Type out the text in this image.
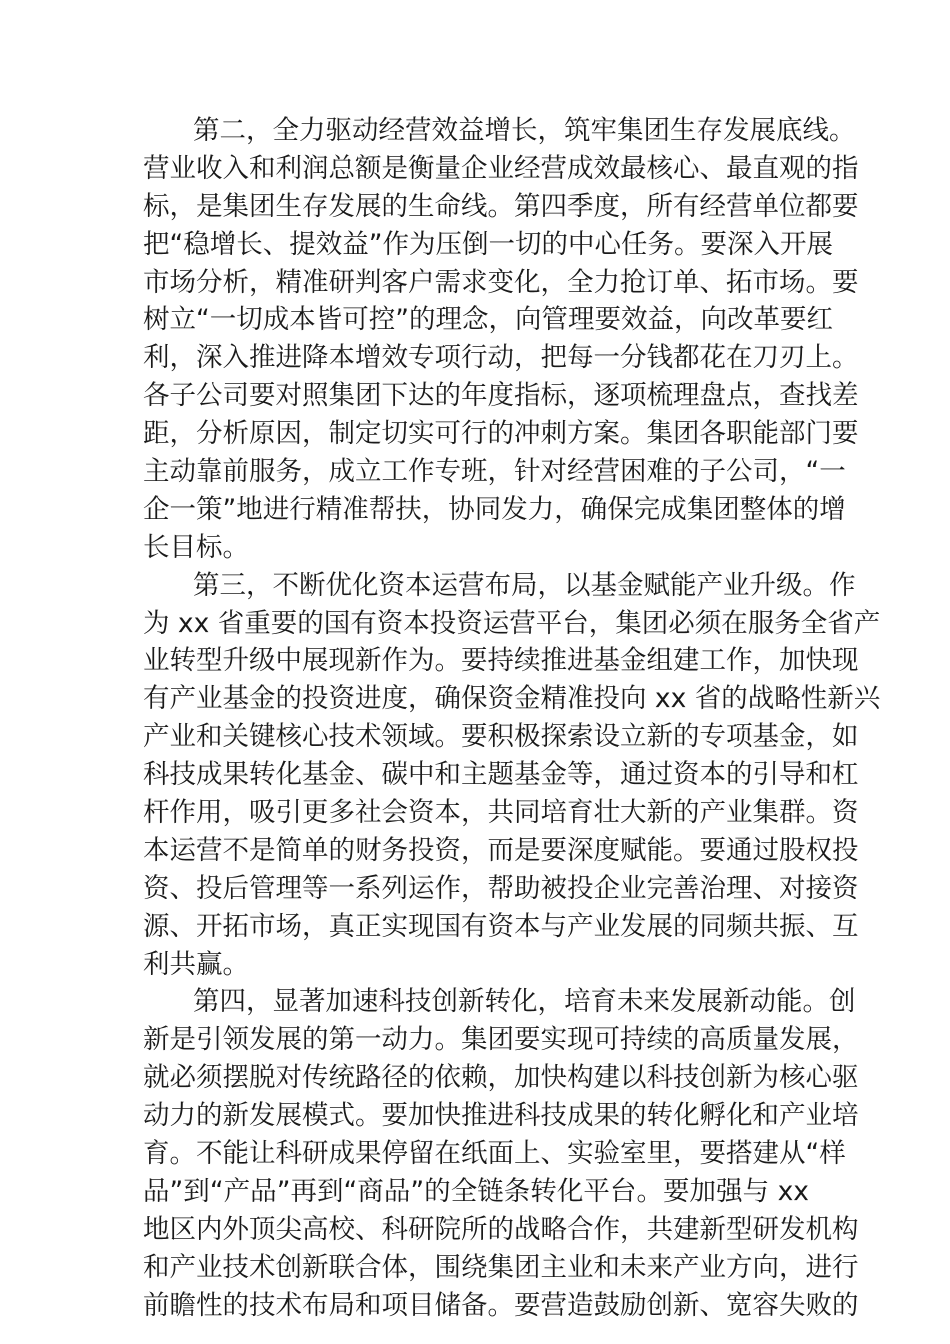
第二，全力驱动经营效益增长，筑牢集团生存发展底线。
营业收入和利润总额是衡量企业经营成效最核心、最直观的指
标，是集团生存发展的生命线。第四季度，所有经营单位都要
把“稳增长、提效益”作为压倒一切的中心任务。要深入开展
市场分析，精准研判客户需求变化，全力抢订单、拓市场。要
树立“一切成本皆可控”的理念，向管理要效益，向改革要红
利，深入推进降本增效专项行动，把每一分钱都花在刀刃上。
各子公司要对照集团下达的年度指标，逐项梳理盘点，查找差
距，分析原因，制定切实可行的冲刺方案。集团各职能部门要
主动靠前服务，成立工作专班，针对经营困难的子公司，“一
企一策”地进行精准帮扶，协同发力，确保完成集团整体的增
长目标。
第三，不断优化资本运营布局，以基金赋能产业升级。作
为 xx 省重要的国有资本投资运营平台，集团必须在服务全省产
业转型升级中展现新作为。要持续推进基金组建工作，加快现
有产业基金的投资进度，确保资金精准投向 xx 省的战略性新兴
产业和关键核心技术领域。要积极探索设立新的专项基金，如
科技成果转化基金、碳中和主题基金等，通过资本的引导和杠
杆作用，吸引更多社会资本，共同培育壮大新的产业集群。资
本运营不是简单的财务投资，而是要深度赋能。要通过股权投
资、投后管理等一系列运作，帮助被投企业完善治理、对接资
源、开拓市场，真正实现国有资本与产业发展的同频共振、互
利共赢。
第四，显著加速科技创新转化，培育未来发展新动能。创
新是引领发展的第一动力。集团要实现可持续的高质量发展，
就必须摆脱对传统路径的依赖，加快构建以科技创新为核心驱
动力的新发展模式。要加快推进科技成果的转化孵化和产业培
育。不能让科研成果停留在纸面上、实验室里，要搭建从“样
品”到“产品”再到“商品”的全链条转化平台。要加强与 xx
地区内外顶尖高校、科研院所的战略合作，共建新型研发机构
和产业技术创新联合体，围绕集团主业和未来产业方向，进行
前瞻性的技术布局和项目储备。要营造鼓励创新、宽容失败的
